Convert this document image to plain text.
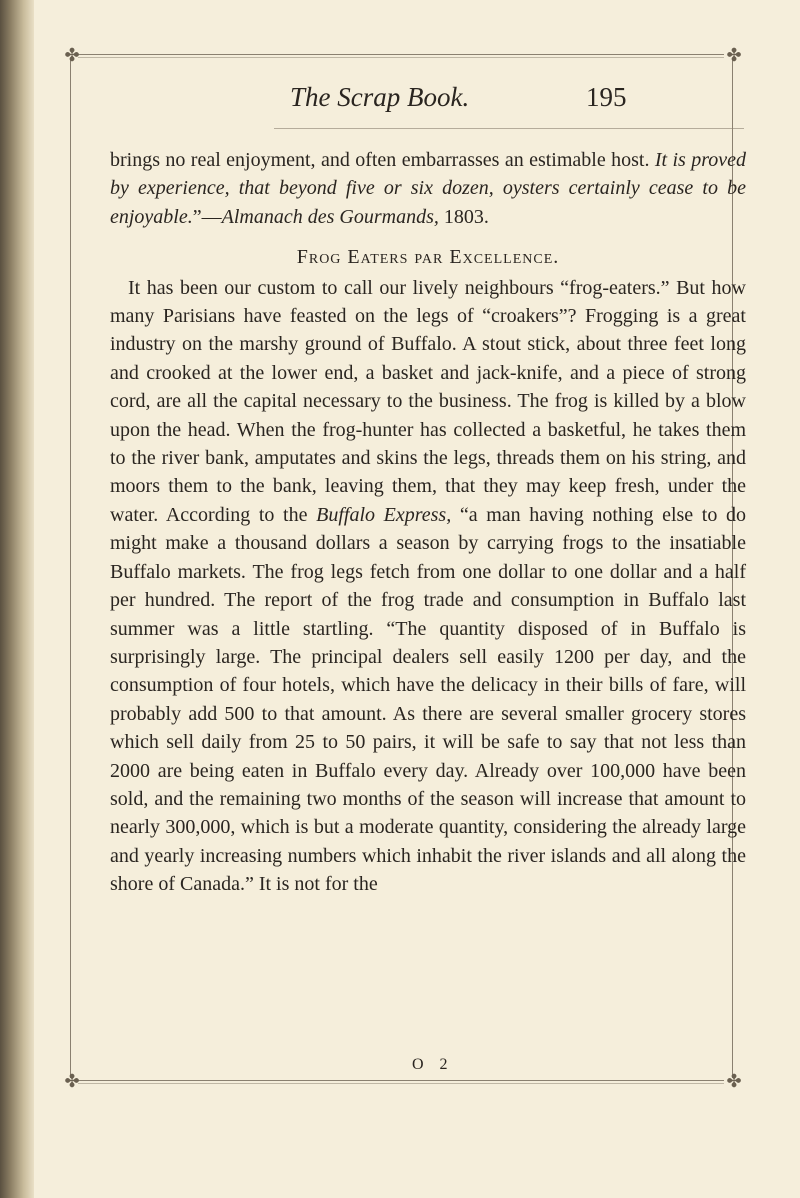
✤	✤
✤	✤
The Scrap Book.	195

brings no real enjoyment, and often embarrasses an estimable host. It is proved by experience, that beyond five or six dozen, oysters certainly cease to be enjoyable.”—Almanach des Gourmands, 1803.

Frog Eaters par Excellence.

It has been our custom to call our lively neighbours “frog-eaters.” But how many Parisians have feasted on the legs of “croakers”? Frogging is a great industry on the marshy ground of Buffalo. A stout stick, about three feet long and crooked at the lower end, a basket and jack-knife, and a piece of strong cord, are all the capital necessary to the business. The frog is killed by a blow upon the head. When the frog-hunter has collected a basketful, he takes them to the river bank, amputates and skins the legs, threads them on his string, and moors them to the bank, leaving them, that they may keep fresh, under the water. According to the Buffalo Express, “a man having nothing else to do might make a thousand dollars a season by carrying frogs to the insatiable Buffalo markets. The frog legs fetch from one dollar to one dollar and a half per hundred. The report of the frog trade and consumption in Buffalo last summer was a little startling. “The quantity disposed of in Buffalo is surprisingly large. The principal dealers sell easily 1200 per day, and the consumption of four hotels, which have the delicacy in their bills of fare, will probably add 500 to that amount. As there are several smaller grocery stores which sell daily from 25 to 50 pairs, it will be safe to say that not less than 2000 are being eaten in Buffalo every day. Already over 100,000 have been sold, and the remaining two months of the season will increase that amount to nearly 300,000, which is but a moderate quantity, considering the already large and yearly increasing numbers which inhabit the river islands and all along the shore of Canada.” It is not for the

O 2
